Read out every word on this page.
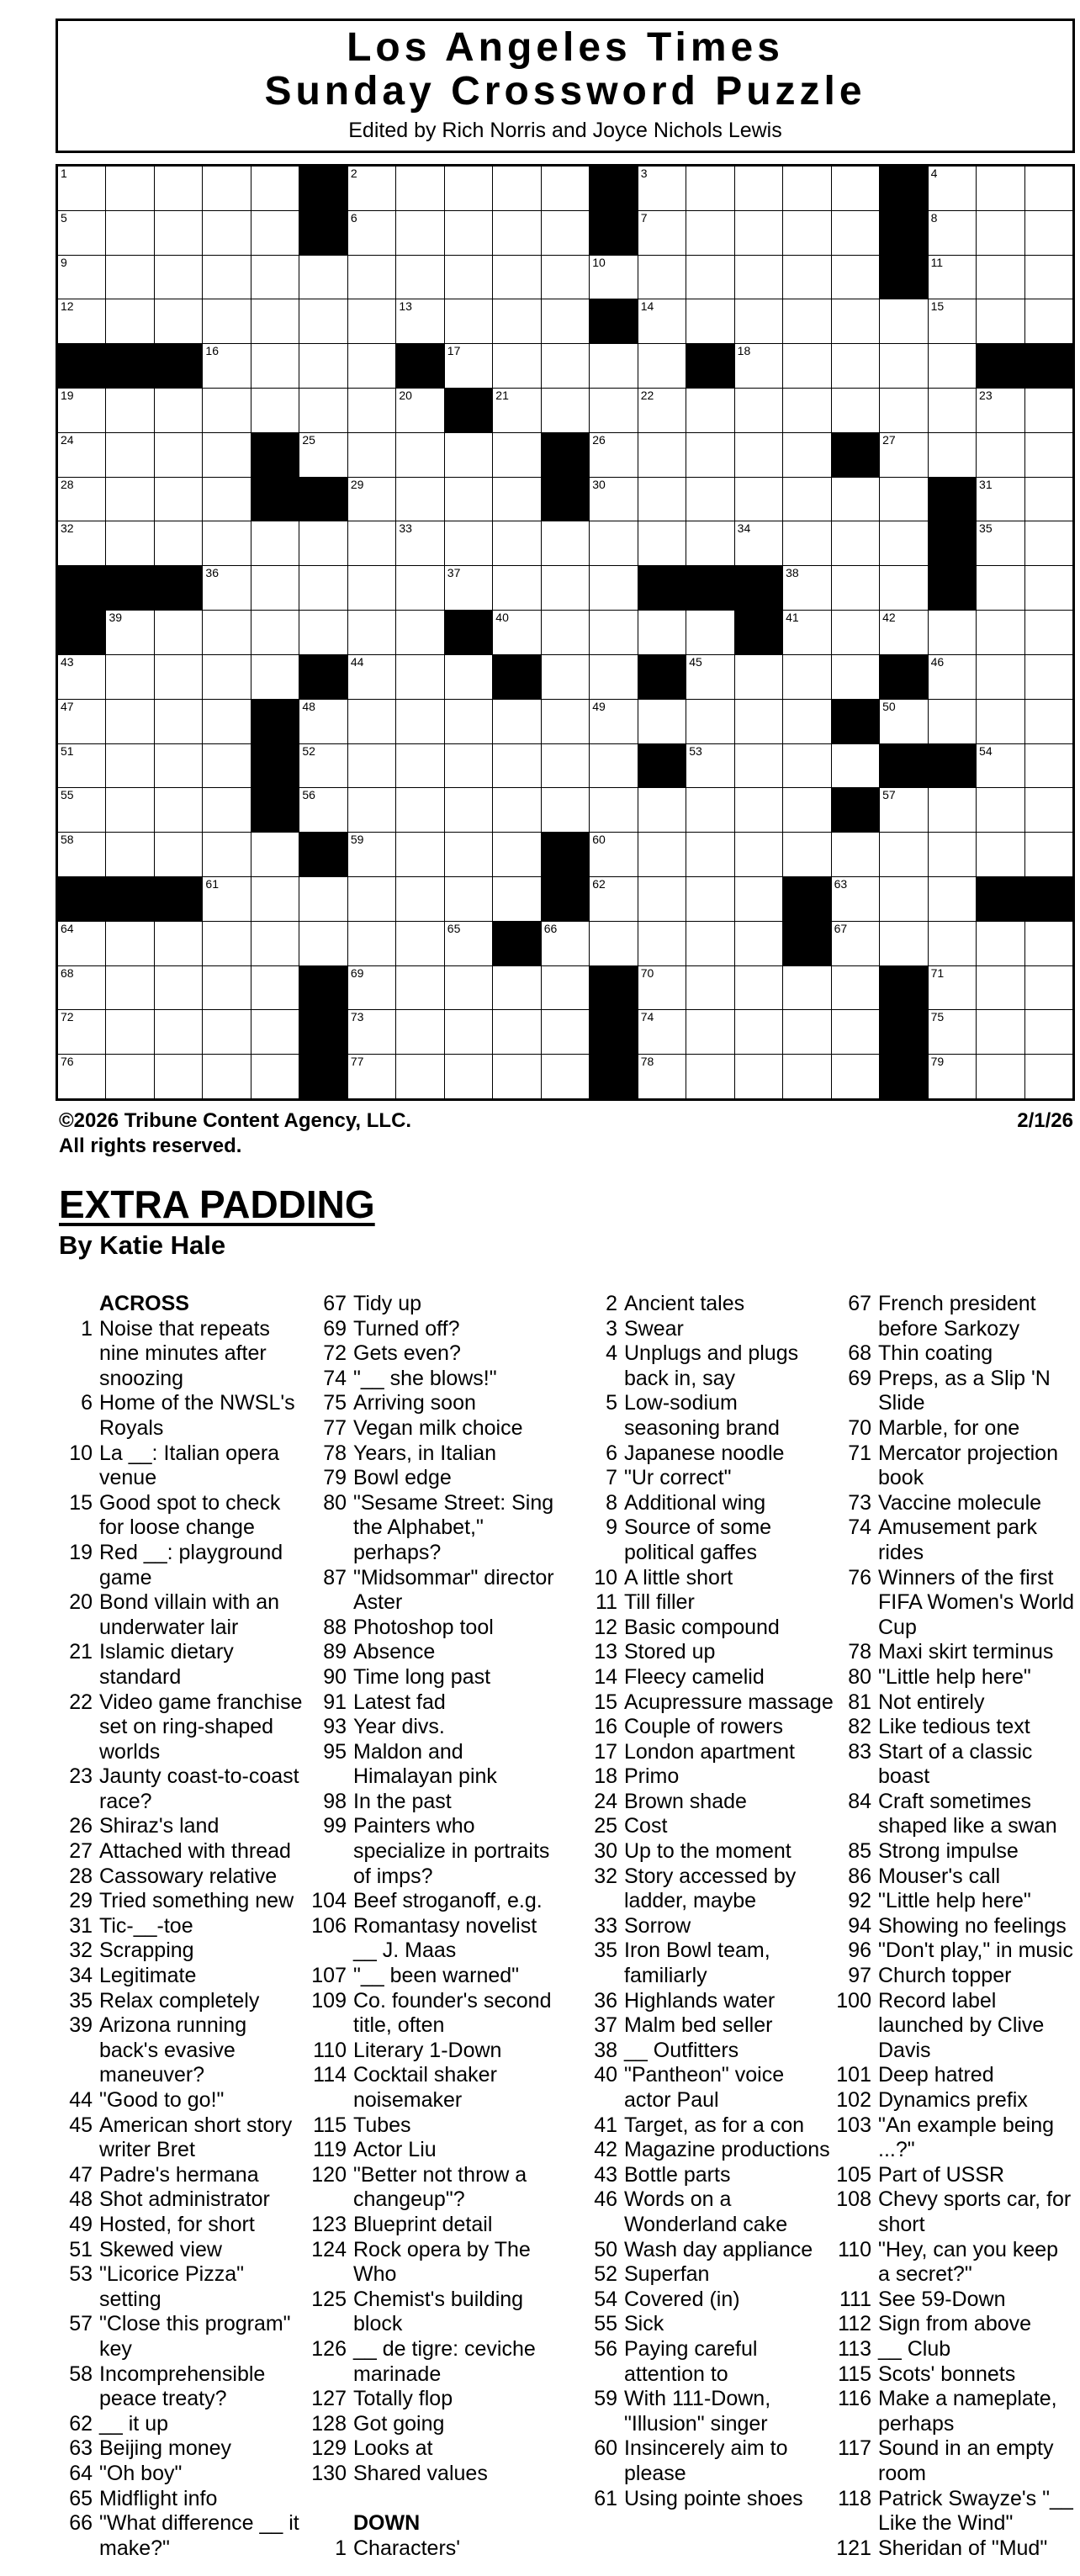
Los Angeles Times
Sunday Crossword Puzzle
Edited by Rich Norris and Joyce Nichols Lewis
1	2	3	4
5	6	7	8
9	10	11
12	13	14	15
16	17	18
19	20	21	22	23
24	25	26	27
28	29	30	31
32	33	34	35
36	37	38
39	40	41	42
43	44	45	46
47	48	49	50
51	52	53	54
55	56	57
58	59	60
61	62	63
64	65	66	67
68	69	70	71
72	73	74	75
76	77	78	79
©2026 Tribune Content Agency, LLC.
All rights reserved.
2/1/26
EXTRA PADDING
By Katie Hale
ACROSS
1 Noise that repeats nine minutes after snoozing
6 Home of the NWSL's Royals
10 La __: Italian opera venue
15 Good spot to check for loose change
19 Red __: playground game
20 Bond villain with an underwater lair
21 Islamic dietary standard
22 Video game franchise set on ring-shaped worlds
23 Jaunty coast-to-coast race?
26 Shiraz's land
27 Attached with thread
28 Cassowary relative
29 Tried something new
31 Tic-__-toe
32 Scrapping
34 Legitimate
35 Relax completely
39 Arizona running back's evasive maneuver?
44 "Good to go!"
45 American short story writer Bret
47 Padre's hermana
48 Shot administrator
49 Hosted, for short
51 Skewed view
53 "Licorice Pizza" setting
57 "Close this program" key
58 Incomprehensible peace treaty?
62 __ it up
63 Beijing money
64 "Oh boy"
65 Midflight info
66 "What difference __ it make?"
67 Tidy up
69 Turned off?
72 Gets even?
74 "__ she blows!"
75 Arriving soon
77 Vegan milk choice
78 Years, in Italian
79 Bowl edge
80 "Sesame Street: Sing the Alphabet," perhaps?
87 "Midsommar" director Aster
88 Photoshop tool
89 Absence
90 Time long past
91 Latest fad
93 Year divs.
95 Maldon and Himalayan pink
98 In the past
99 Painters who specialize in portraits of imps?
104 Beef stroganoff, e.g.
106 Romantasy novelist __ J. Maas
107 "__ been warned"
109 Co. founder's second title, often
110 Literary 1-Down
114 Cocktail shaker noisemaker
115 Tubes
119 Actor Liu
120 "Better not throw a changeup"?
123 Blueprint detail
124 Rock opera by The Who
125 Chemist's building block
126 __ de tigre: ceviche marinade
127 Totally flop
128 Got going
129 Looks at
130 Shared values
DOWN
1 Characters'
2 Ancient tales
3 Swear
4 Unplugs and plugs back in, say
5 Low-sodium seasoning brand
6 Japanese noodle
7 "Ur correct"
8 Additional wing
9 Source of some political gaffes
10 A little short
11 Till filler
12 Basic compound
13 Stored up
14 Fleecy camelid
15 Acupressure massage
16 Couple of rowers
17 London apartment
18 Primo
24 Brown shade
25 Cost
30 Up to the moment
32 Story accessed by ladder, maybe
33 Sorrow
35 Iron Bowl team, familiarly
36 Highlands water
37 Malm bed seller
38 __ Outfitters
40 "Pantheon" voice actor Paul
41 Target, as for a con
42 Magazine productions
43 Bottle parts
46 Words on a Wonderland cake
50 Wash day appliance
52 Superfan
54 Covered (in)
55 Sick
56 Paying careful attention to
59 With 111-Down, "Illusion" singer
60 Insincerely aim to please
61 Using pointe shoes
67 French president before Sarkozy
68 Thin coating
69 Preps, as a Slip 'N Slide
70 Marble, for one
71 Mercator projection book
73 Vaccine molecule
74 Amusement park rides
76 Winners of the first FIFA Women's World Cup
78 Maxi skirt terminus
80 "Little help here"
81 Not entirely
82 Like tedious text
83 Start of a classic boast
84 Craft sometimes shaped like a swan
85 Strong impulse
86 Mouser's call
92 "Little help here"
94 Showing no feelings
96 "Don't play," in music
97 Church topper
100 Record label launched by Clive Davis
101 Deep hatred
102 Dynamics prefix
103 "An example being ...?"
105 Part of USSR
108 Chevy sports car, for short
110 "Hey, can you keep a secret?"
111 See 59-Down
112 Sign from above
113 __ Club
115 Scots' bonnets
116 Make a nameplate, perhaps
117 Sound in an empty room
118 Patrick Swayze's "__ Like the Wind"
121 Sheridan of "Mud"
